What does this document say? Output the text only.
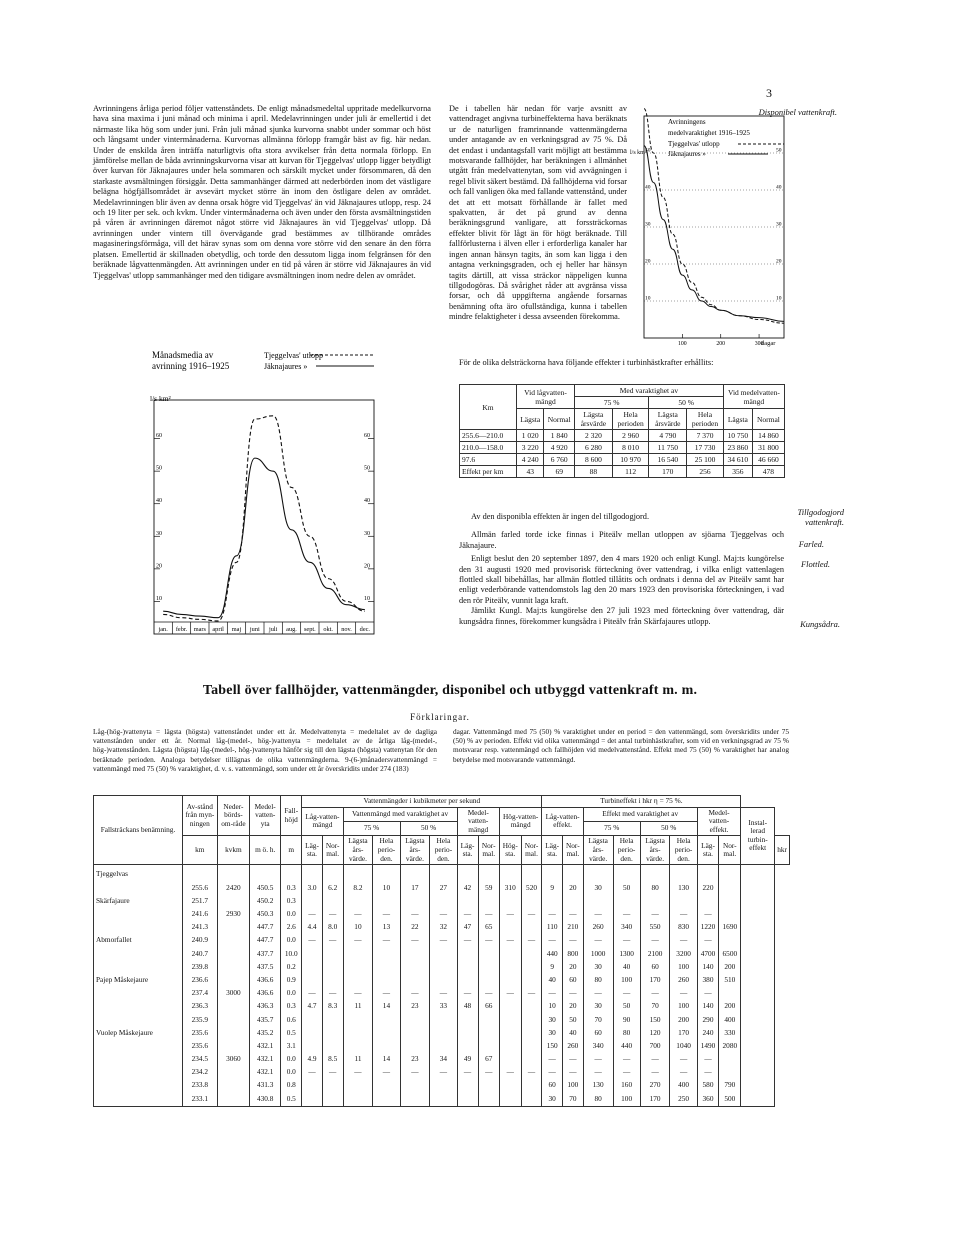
3

Avrinningens årliga period följer vattenståndets. De enligt månadsmedeltal uppritade medelkurvorna hava sina maxima i juni månad och minima i april. Medelavrinningen under juli är emellertid i det närmaste lika hög som under juni. Från juli månad sjunka kurvorna snabbt under sommar och höst och långsamt under vintermånaderna. Kurvornas allmänna förlopp framgår bäst av fig. här nedan. Under de enskilda åren inträffa naturligtvis ofta stora avvikelser från detta normala förlopp. En jämförelse mellan de båda avrinningskurvorna visar att kurvan för Tjeggelvas' utlopp ligger betydligt över kurvan för Jäknajaures under hela sommaren och särskilt mycket under försommaren, då den starkaste avsmältningen försiggår. Detta sammanhänger därmed att nederbörden inom det västligare belägna högfjällsområdet är avsevärt mycket större än inom den östligare delen av området. Medelavrinningen blir även av denna orsak högre vid Tjeggelvas' än vid Jäknajaures utlopp, resp. 24 och 19 liter per sek. och kvkm. Under vintermånaderna och även under den första avsmältningstiden på våren är avrinningen däremot något större vid Jäknajaures än vid Tjeggelvas' utlopp. Då avrinningen under vintern till övervägande grad bestämmes av tillhörande områdes magasineringsförmåga, vill det härav synas som om denna vore större vid den senare än den förra platsen. Emellertid är skillnaden obetydlig, och torde den dessutom ligga inom felgränsen för den beräknade lågvattenmängden. Att avrinningen under en tid på våren är större vid Jäknajaures än vid Tjeggelvas' utlopp sammanhänger med den tidigare avsmältningen inom nedre delen av området.

Månadsmedia av
avrinning 1916–1925
Tjeggelvas' utlopp
Jäknajaures »
l/s km²
10	10
20	20
30	30
40	40
50	50
60	60
jan. febr. mars april maj juni juli aug. sept. okt. nov. dec.

De i tabellen här nedan för varje avsnitt av vattendraget angivna turbineffekterna hava beräknats ur de naturligen framrinnande vattenmängderna under antagande av en verkningsgrad av 75 %. Då det endast i undantagsfall varit möjligt att bestämma motsvarande fallhöjder, har beräkningen i allmänhet utgått från medelvattenytan, som vid avvägningen i regel blivit säkert bestämd. Då fallhöjderna vid forsar och fall vanligen öka med fallande vattenstånd, under det att ett motsatt förhållande är fallet med spakvatten, är det på grund av denna beräkningsgrund vanligare, att forssträckornas effekter blivit för lågt än för högt beräknade. Till fallförlusterna i älven eller i erforderliga kanaler har ingen annan hänsyn tagits, än som kan ligga i den antagna verkningsgraden, och ej heller har hänsyn tagits därtill, att vissa sträckor näppeligen kunna tillgodogöras. Då svårighet råder att avgränsa vissa forsar, och då uppgifterna angående forsarnas benämning ofta äro ofullständiga, kunna i tabellen mindre felaktigheter i dessa avseenden förekomma.

För de olika delsträckorna hava följande effekter i turbinhästkrafter erhållits:

Avrinningens
medelvaraktighet 1916–1925
Tjeggelvas' utlopp
Jäknajaures »
l/s km²
dagar
10	10
20	20
30	30
40	40
50	50
100	200	300
Disponibel vattenkraft.
Km	Vid lågvatten-mängd		Med varaktighet av				Vid medelvatten-mängd	
			75 %		50 %			
	Lägsta	Normal	Lägsta årsvärde	Hela perioden	Lägsta årsvärde	Hela perioden	Lägsta	Normal
255.6—210.0	1 020	1 840	2 320	2 960	4 790	7 370	10 750	14 860
210.0—158.0	3 220	4 920	6 280	8 010	11 750	17 730	23 860	31 800
97.6	4 240	6 760	8 600	10 970	16 540	25 100	34 610	46 660
Effekt per km	43	69	88	112	170	256	356	478

Av den disponibla effekten är ingen del tillgodogjord.

Allmän farled torde icke finnas i Piteälv mellan utloppen av sjöarna Tjeggelvas och Jäknajaure.

Enligt beslut den 20 september 1897, den 4 mars 1920 och enligt Kungl. Maj:ts kungörelse den 31 augusti 1920 med provisorisk förteckning över vattendrag, i vilka enligt vattenlagen flottled skall bibehållas, har allmän flottled tillåtits och ordnats i denna del av Piteälv samt har enligt vederbörande vattendomstols lag den 20 mars 1923 den provisoriska förteckningen, i vad den rör Piteälv, vunnit laga kraft.

Jämlikt Kungl. Maj:ts kungörelse den 27 juli 1923 med förteckning över vattendrag, där kungsådra finnes, förekommer kungsådra i Piteälv från Skärfajaures utlopp.

Tillgodogjord vattenkraft.
Farled.
Flottled.
Kungsådra.
Tabell över fallhöjder, vattenmängder, disponibel och utbyggd vattenkraft m. m.
Förklaringar.

Låg-(hög-)vattenyta = lägsta (högsta) vattenståndet under ett år. Medelvattenyta = medeltalet av de dagliga vattenstånden under ett år. Normal låg-(medel-, hög-)vattenyta = medeltalet av de årliga låg-(medel-, hög-)vattenstånden. Lägsta (högsta) låg-(medel-, hög-)vattenyta hänför sig till den lägsta (högsta) vattenytan för den beräknade perioden. Analoga betydelser tillägnas de olika vattenmängderna. 9-(6-)månadersvattenmängd = vattenmängd med 75 (50) % varaktighet, d. v. s. vattenmängd, som under ett år överskridits under 274 (183)

dagar. Vattenmängd med 75 (50) % varaktighet under en period = den vattenmängd, som överskridits under 75 (50) % av perioden. Effekt vid olika vattenmängd = det antal turbinhästkrafter, som vid en verkningsgrad av 75 % motsvarar resp. vattenmängd och fallhöjden vid medelvattenstånd. Effekt med 75 (50) % varaktighet har analog betydelse med motsvarande vattenmängd.

Fallsträckans benämning.	Av-stånd från myn-ningen	Neder-börds-om-råde	Medel-vatten-yta	Fall-höjd	Vattenmängder i kubikmeter per sekund										Turbineffekt i hkr η = 75 %.									
					Låg-vatten-mängd		Vattenmängd med varaktighet av				Medel-vatten-mängd		Hög-vatten-mängd		Låg-vatten-effekt.		Effekt med varaktighet av				Medel-vatten-effekt.		Instal-lerad turbin-effekt	
							75 %		50 %								75 %		50 %					
	km	kvkm	m ö. h.	m	Läg-sta.	Nor-mal.	Lägsta års-värde.	Hela perio-den.	Lägsta års-värde.	Hela perio-den.	Läg-sta.	Nor-mal.	Hög-sta.	Nor-mal.	Läg-sta.	Nor-mal.	Lägsta års-värde.	Hela perio-den.	Lägsta års-värde.	Hela perio-den.	Läg-sta.	Nor-mal.		hkr
Tjeggelvas																								
	255.6	2420	450.5	0.3	3.0	6.2	8.2	10	17	27	42	59	310	520	9	20	30	50	80	130	220			
Skärfajaure	251.7		450.2	0.3																				
	241.6	2930	450.3	0.0	—	—	—	—	—	—	—	—	—	—	—	—	—	—	—	—	—			
	241.3		447.7	2.6	4.4	8.0	10	13	22	32	47	65			110	210	260	340	550	830	1220	1690		
Abmorfallet	240.9		447.7	0.0	—	—	—	—	—	—	—	—	—	—	—	—	—	—	—	—	—			
	240.7		437.7	10.0											440	800	1000	1300	2100	3200	4700	6500		
	239.8		437.5	0.2											9	20	30	40	60	100	140	200		
Pajep Måskejaure	236.6		436.6	0.9											40	60	80	100	170	260	380	510		
	237.4	3000	436.6	0.0	—	—	—	—	—	—	—	—	—	—	—	—	—	—	—	—	—			
	236.3		436.3	0.3	4.7	8.3	11	14	23	33	48	66			10	20	30	50	70	100	140	200		
	235.9		435.7	0.6											30	50	70	90	150	200	290	400		
Vuolep Måskejaure	235.6		435.2	0.5											30	40	60	80	120	170	240	330		
	235.6		432.1	3.1											150	260	340	440	700	1040	1490	2080		
	234.5	3060	432.1	0.0	4.9	8.5	11	14	23	34	49	67			—	—	—	—	—	—	—			
	234.2		432.1	0.0	—	—	—	—	—	—	—	—	—	—	—	—	—	—	—	—	—			
	233.8		431.3	0.8											60	100	130	160	270	400	580	790		
	233.1		430.8	0.5											30	70	80	100	170	250	360	500		
